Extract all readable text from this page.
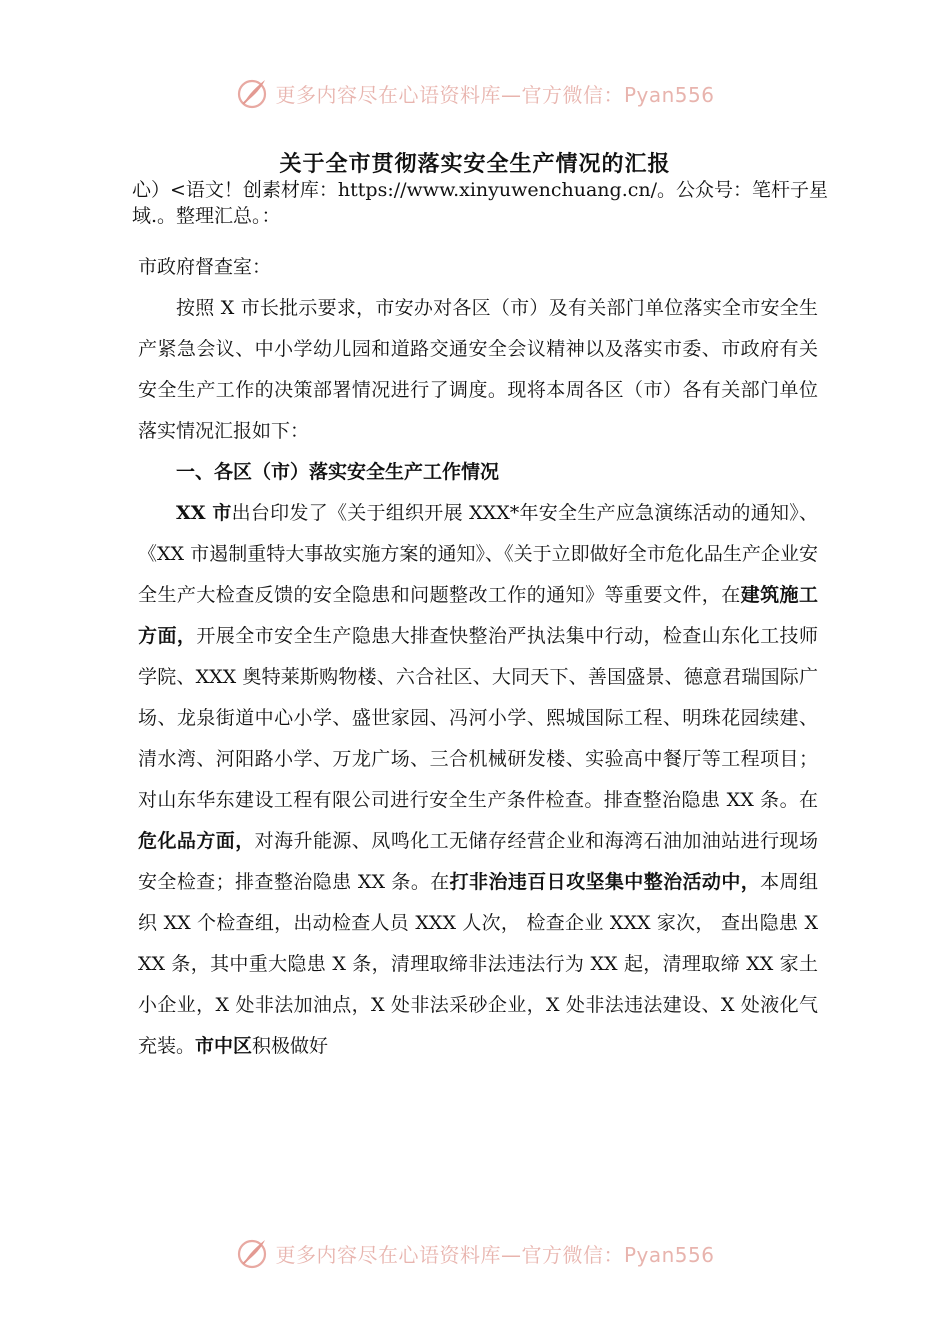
更多内容尽在心语资料库—官方微信：Pyan556
关于全市贯彻落实安全生产情况的汇报

心）<语文！创素材库：https://www.xinyuwenchuang.cn/。公众号：笔杆子星域.。整理汇总。：

市政府督查室：

按照 X 市长批示要求，市安办对各区（市）及有关部门单位落实全市安全生产紧急会议、中小学幼儿园和道路交通安全会议精神以及落实市委、市政府有关安全生产工作的决策部署情况进行了调度。现将本周各区（市）各有关部门单位落实情况汇报如下：

一、各区（市）落实安全生产工作情况

XX 市出台印发了《关于组织开展 XXX*年安全生产应急演练活动的通知》、《XX 市遏制重特大事故实施方案的通知》、《关于立即做好全市危化品生产企业安全生产大检查反馈的安全隐患和问题整改工作的通知》等重要文件，在建筑施工方面，开展全市安全生产隐患大排查快整治严执法集中行动，检查山东化工技师学院、XXX 奥特莱斯购物楼、六合社区、大同天下、善国盛景、德意君瑞国际广场、龙泉街道中心小学、盛世家园、冯河小学、熙城国际工程、明珠花园续建、清水湾、河阳路小学、万龙广场、三合机械研发楼、实验高中餐厅等工程项目； 对山东华东建设工程有限公司进行安全生产条件检查。排查整治隐患 XX 条。在危化品方面，对海升能源、凤鸣化工无储存经营企业和海湾石油加油站进行现场安全检查；排查整治隐患 XX 条。在打非治违百日攻坚集中整治活动中，本周组织 XX 个检查组，出动检查人员 XXX 人次， 检查企业 XXX 家次， 查出隐患 XXX 条，其中重大隐患 X 条，清理取缔非法违法行为 XX 起，清理取缔 XX 家土小企业，X 处非法加油点，X 处非法采砂企业，X 处非法违法建设、X 处液化气充装。市中区积极做好

更多内容尽在心语资料库—官方微信：Pyan556
